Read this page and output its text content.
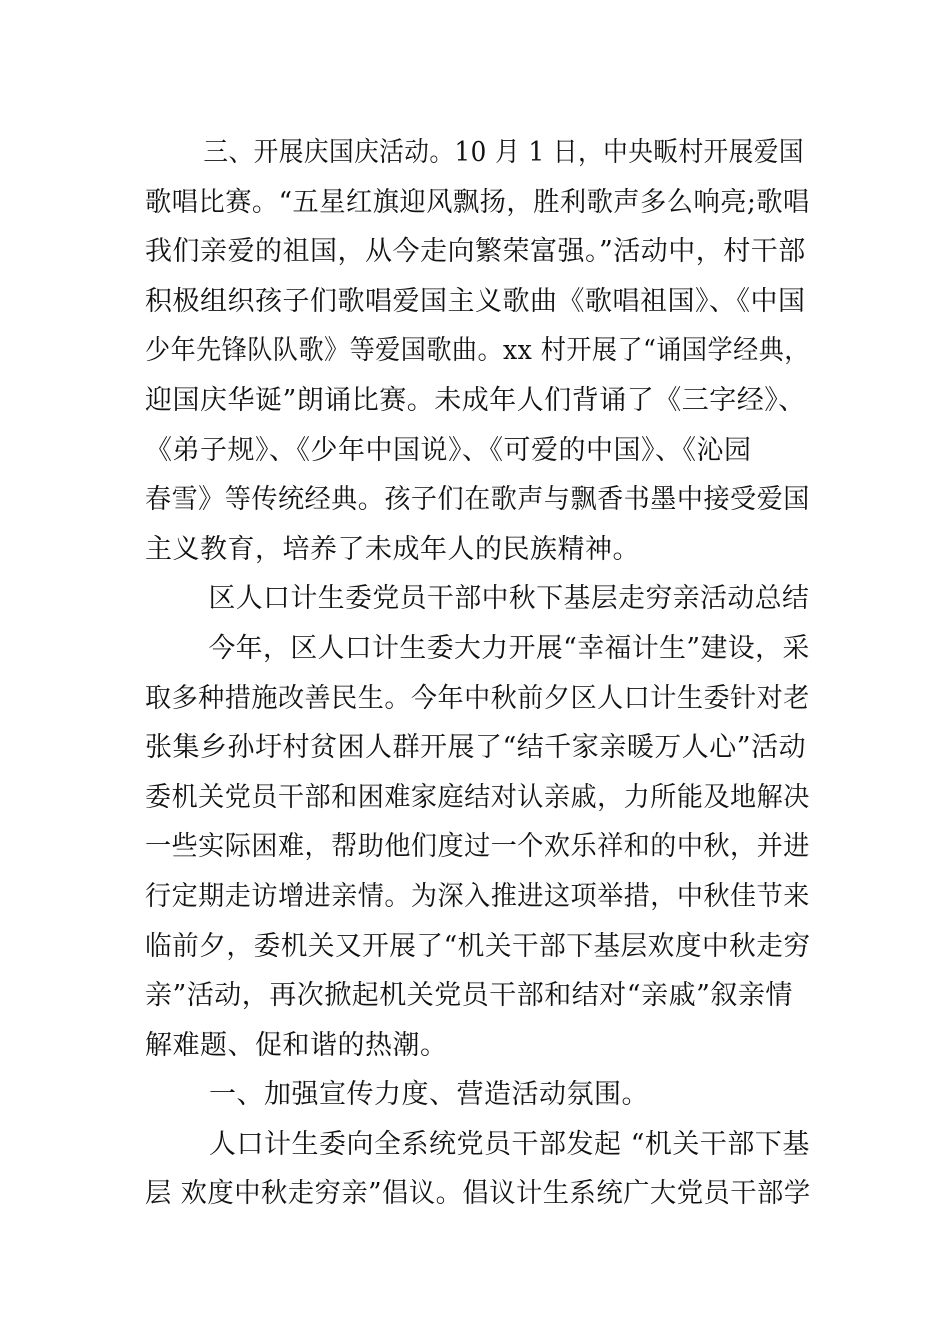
三、开展庆国庆活动。10 月 1 日，中央畈村开展爱国
歌唱比赛。“五星红旗迎风飘扬，胜利歌声多么响亮;歌唱
我们亲爱的祖国，从今走向繁荣富强。”活动中，村干部
积极组织孩子们歌唱爱国主义歌曲《歌唱祖国》、《中国
少年先锋队队歌》等爱国歌曲。xx 村开展了“诵国学经典，
迎国庆华诞”朗诵比赛。未成年人们背诵了《三字经》、
《弟子规》、《少年中国说》、《可爱的中国》、《沁园
春雪》等传统经典。孩子们在歌声与飘香书墨中接受爱国
主义教育，培养了未成年人的民族精神。
区人口计生委党员干部中秋下基层走穷亲活动总结
今年，区人口计生委大力开展“幸福计生”建设，采
取多种措施改善民生。今年中秋前夕区人口计生委针对老
张集乡孙圩村贫困人群开展了“结千家亲暖万人心”活动
委机关党员干部和困难家庭结对认亲戚，力所能及地解决
一些实际困难，帮助他们度过一个欢乐祥和的中秋，并进
行定期走访增进亲情。为深入推进这项举措，中秋佳节来
临前夕，委机关又开展了“机关干部下基层欢度中秋走穷
亲”活动，再次掀起机关党员干部和结对“亲戚”叙亲情
解难题、促和谐的热潮。
一、加强宣传力度、营造活动氛围。
人口计生委向全系统党员干部发起 “机关干部下基
层 欢度中秋走穷亲”倡议。倡议计生系统广大党员干部学
